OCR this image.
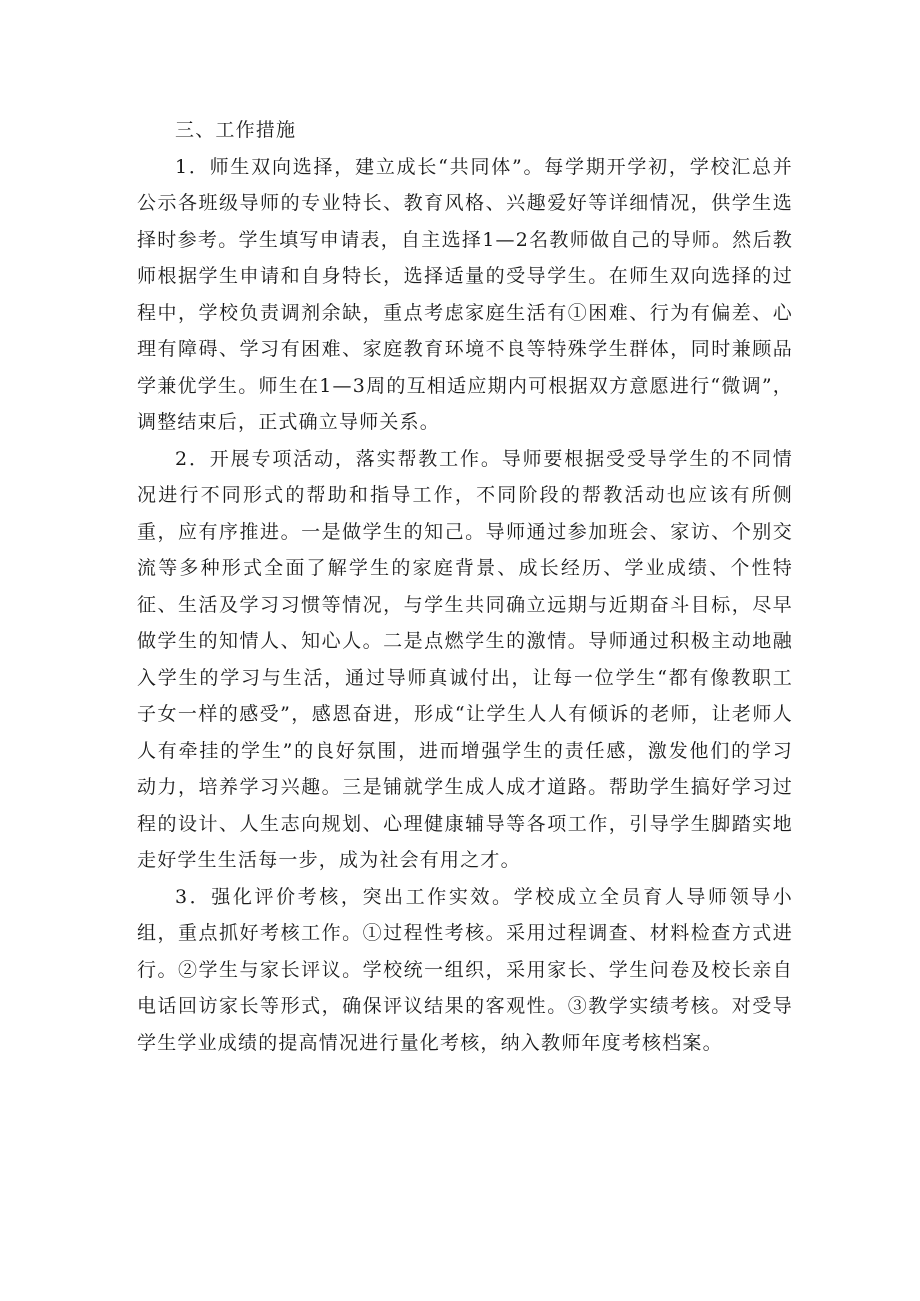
三、工作措施

1．师生双向选择，建立成长“共同体”。每学期开学初，学校汇总并公示各班级导师的专业特长、教育风格、兴趣爱好等详细情况，供学生选择时参考。学生填写申请表，自主选择1—2名教师做自己的导师。然后教师根据学生申请和自身特长，选择适量的受导学生。在师生双向选择的过程中，学校负责调剂余缺，重点考虑家庭生活有①困难、行为有偏差、心理有障碍、学习有困难、家庭教育环境不良等特殊学生群体，同时兼顾品学兼优学生。师生在1—3周的互相适应期内可根据双方意愿进行“微调”，调整结束后，正式确立导师关系。

2．开展专项活动，落实帮教工作。导师要根据受受导学生的不同情况进行不同形式的帮助和指导工作，不同阶段的帮教活动也应该有所侧重，应有序推进。一是做学生的知己。导师通过参加班会、家访、个别交流等多种形式全面了解学生的家庭背景、成长经历、学业成绩、个性特征、生活及学习习惯等情况，与学生共同确立远期与近期奋斗目标，尽早做学生的知情人、知心人。二是点燃学生的激情。导师通过积极主动地融入学生的学习与生活，通过导师真诚付出，让每一位学生“都有像教职工子女一样的感受”，感恩奋进，形成“让学生人人有倾诉的老师，让老师人人有牵挂的学生”的良好氛围，进而增强学生的责任感，激发他们的学习动力，培养学习兴趣。三是铺就学生成人成才道路。帮助学生搞好学习过程的设计、人生志向规划、心理健康辅导等各项工作，引导学生脚踏实地走好学生生活每一步，成为社会有用之才。

3．强化评价考核，突出工作实效。学校成立全员育人导师领导小组，重点抓好考核工作。①过程性考核。采用过程调查、材料检查方式进行。②学生与家长评议。学校统一组织，采用家长、学生问卷及校长亲自电话回访家长等形式，确保评议结果的客观性。③教学实绩考核。对受导学生学业成绩的提高情况进行量化考核，纳入教师年度考核档案。
